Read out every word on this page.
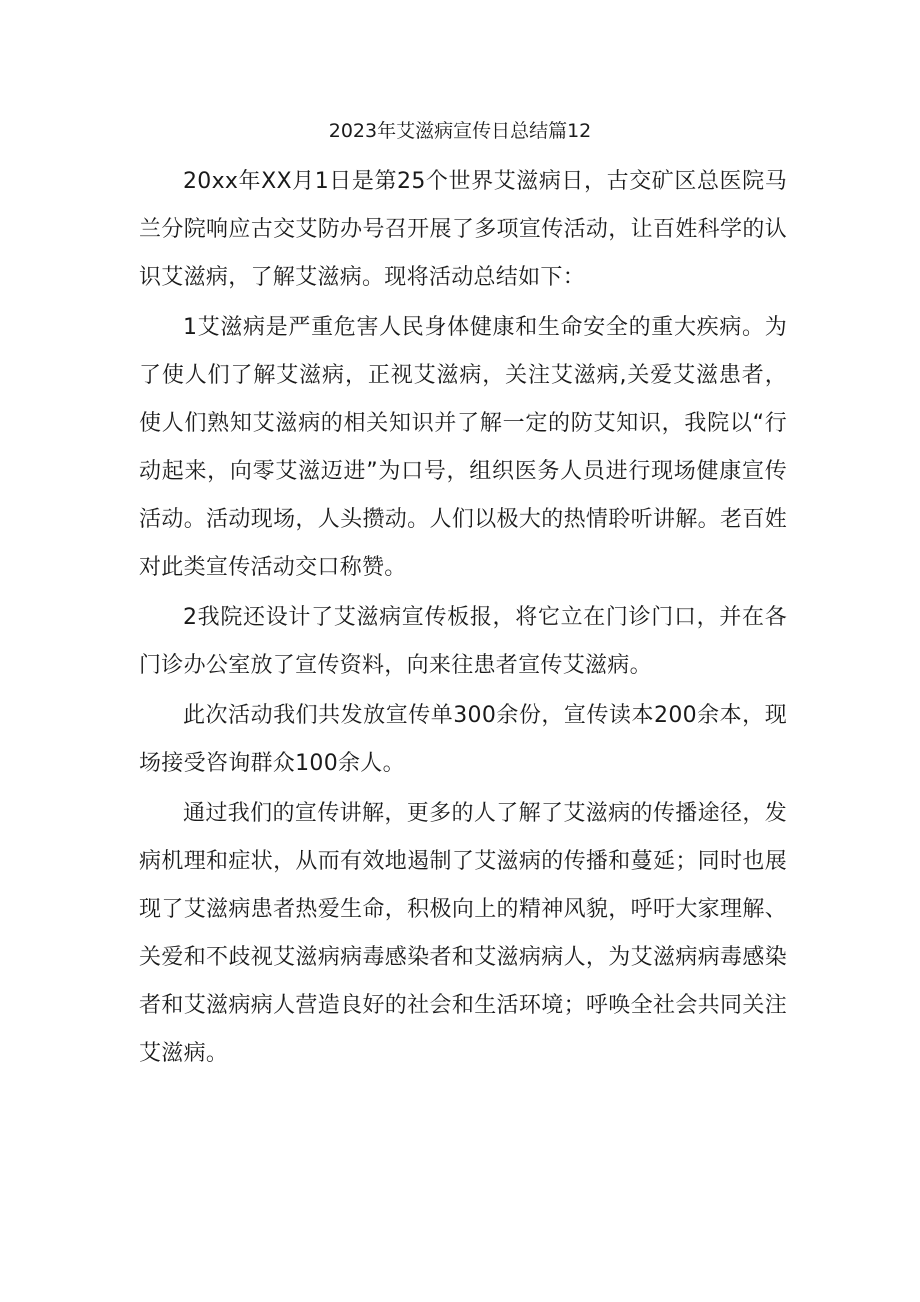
2023年艾滋病宣传日总结篇12

20xx年XX月1日是第25个世界艾滋病日，古交矿区总医院马兰分院响应古交艾防办号召开展了多项宣传活动，让百姓科学的认识艾滋病，了解艾滋病。现将活动总结如下：

1艾滋病是严重危害人民身体健康和生命安全的重大疾病。为了使人们了解艾滋病，正视艾滋病，关注艾滋病,关爱艾滋患者，使人们熟知艾滋病的相关知识并了解一定的防艾知识，我院以“行动起来，向零艾滋迈进”为口号，组织医务人员进行现场健康宣传活动。活动现场，人头攒动。人们以极大的热情聆听讲解。老百姓对此类宣传活动交口称赞。

2我院还设计了艾滋病宣传板报，将它立在门诊门口，并在各门诊办公室放了宣传资料，向来往患者宣传艾滋病。

此次活动我们共发放宣传单300余份，宣传读本200余本，现场接受咨询群众100余人。

通过我们的宣传讲解，更多的人了解了艾滋病的传播途径，发病机理和症状，从而有效地遏制了艾滋病的传播和蔓延；同时也展现了艾滋病患者热爱生命，积极向上的精神风貌，呼吁大家理解、关爱和不歧视艾滋病病毒感染者和艾滋病病人，为艾滋病病毒感染者和艾滋病病人营造良好的社会和生活环境；呼唤全社会共同关注艾滋病。
